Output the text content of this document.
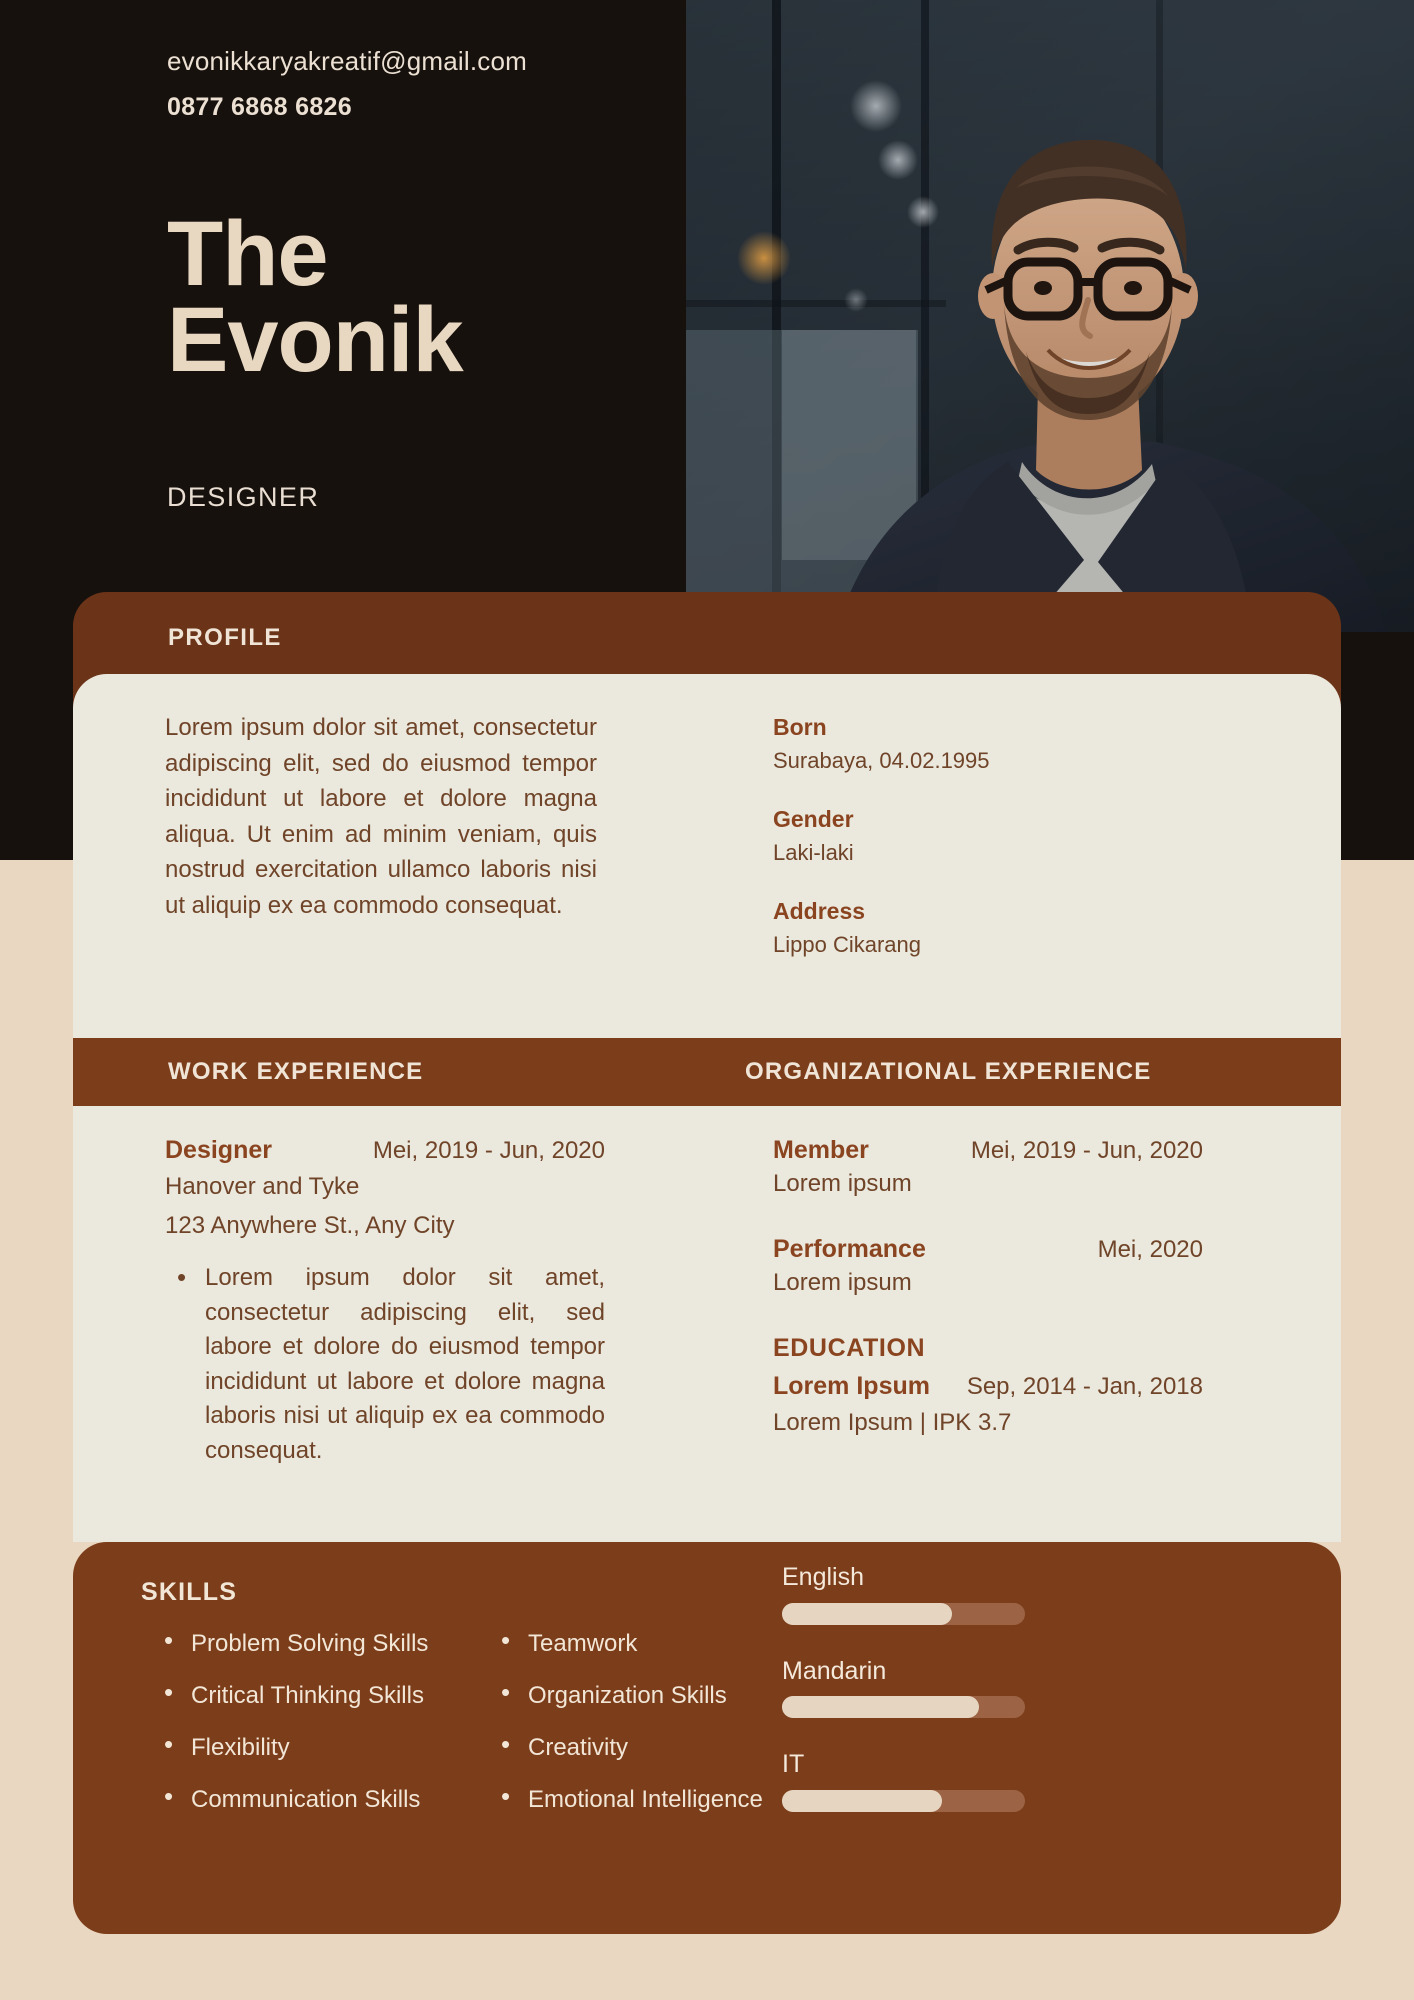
evonikkaryakreatif@gmail.com
0877 6868 6826
The
Evonik
DESIGNER
PROFILE
Lorem ipsum dolor sit amet, consectetur adipiscing elit, sed do eiusmod tempor incididunt ut labore et dolore magna aliqua. Ut enim ad minim veniam, quis nostrud exercitation ullamco laboris nisi ut aliquip ex ea commodo consequat.
Born
Surabaya, 04.02.1995
Gender
Laki-laki
Address
Lippo Cikarang
WORK EXPERIENCE	ORGANIZATIONAL EXPERIENCE
Designer	Mei, 2019 - Jun, 2020
Hanover and Tyke
123 Anywhere St., Any City
• Lorem ipsum dolor sit amet, consectetur adipiscing elit, sed labore et dolore do eiusmod tempor incididunt ut labore et dolore magna laboris nisi ut aliquip ex ea commodo consequat.
Member	Mei, 2019 - Jun, 2020
Lorem ipsum
Performance	Mei, 2020
Lorem ipsum
EDUCATION
Lorem Ipsum Sep, 2014 - Jan, 2018
Lorem Ipsum | IPK 3.7
SKILLS
• Problem Solving Skills
• Critical Thinking Skills
• Flexibility
• Communication Skills
• Teamwork
• Organization Skills
• Creativity
• Emotional Intelligence
English
Mandarin
IT
